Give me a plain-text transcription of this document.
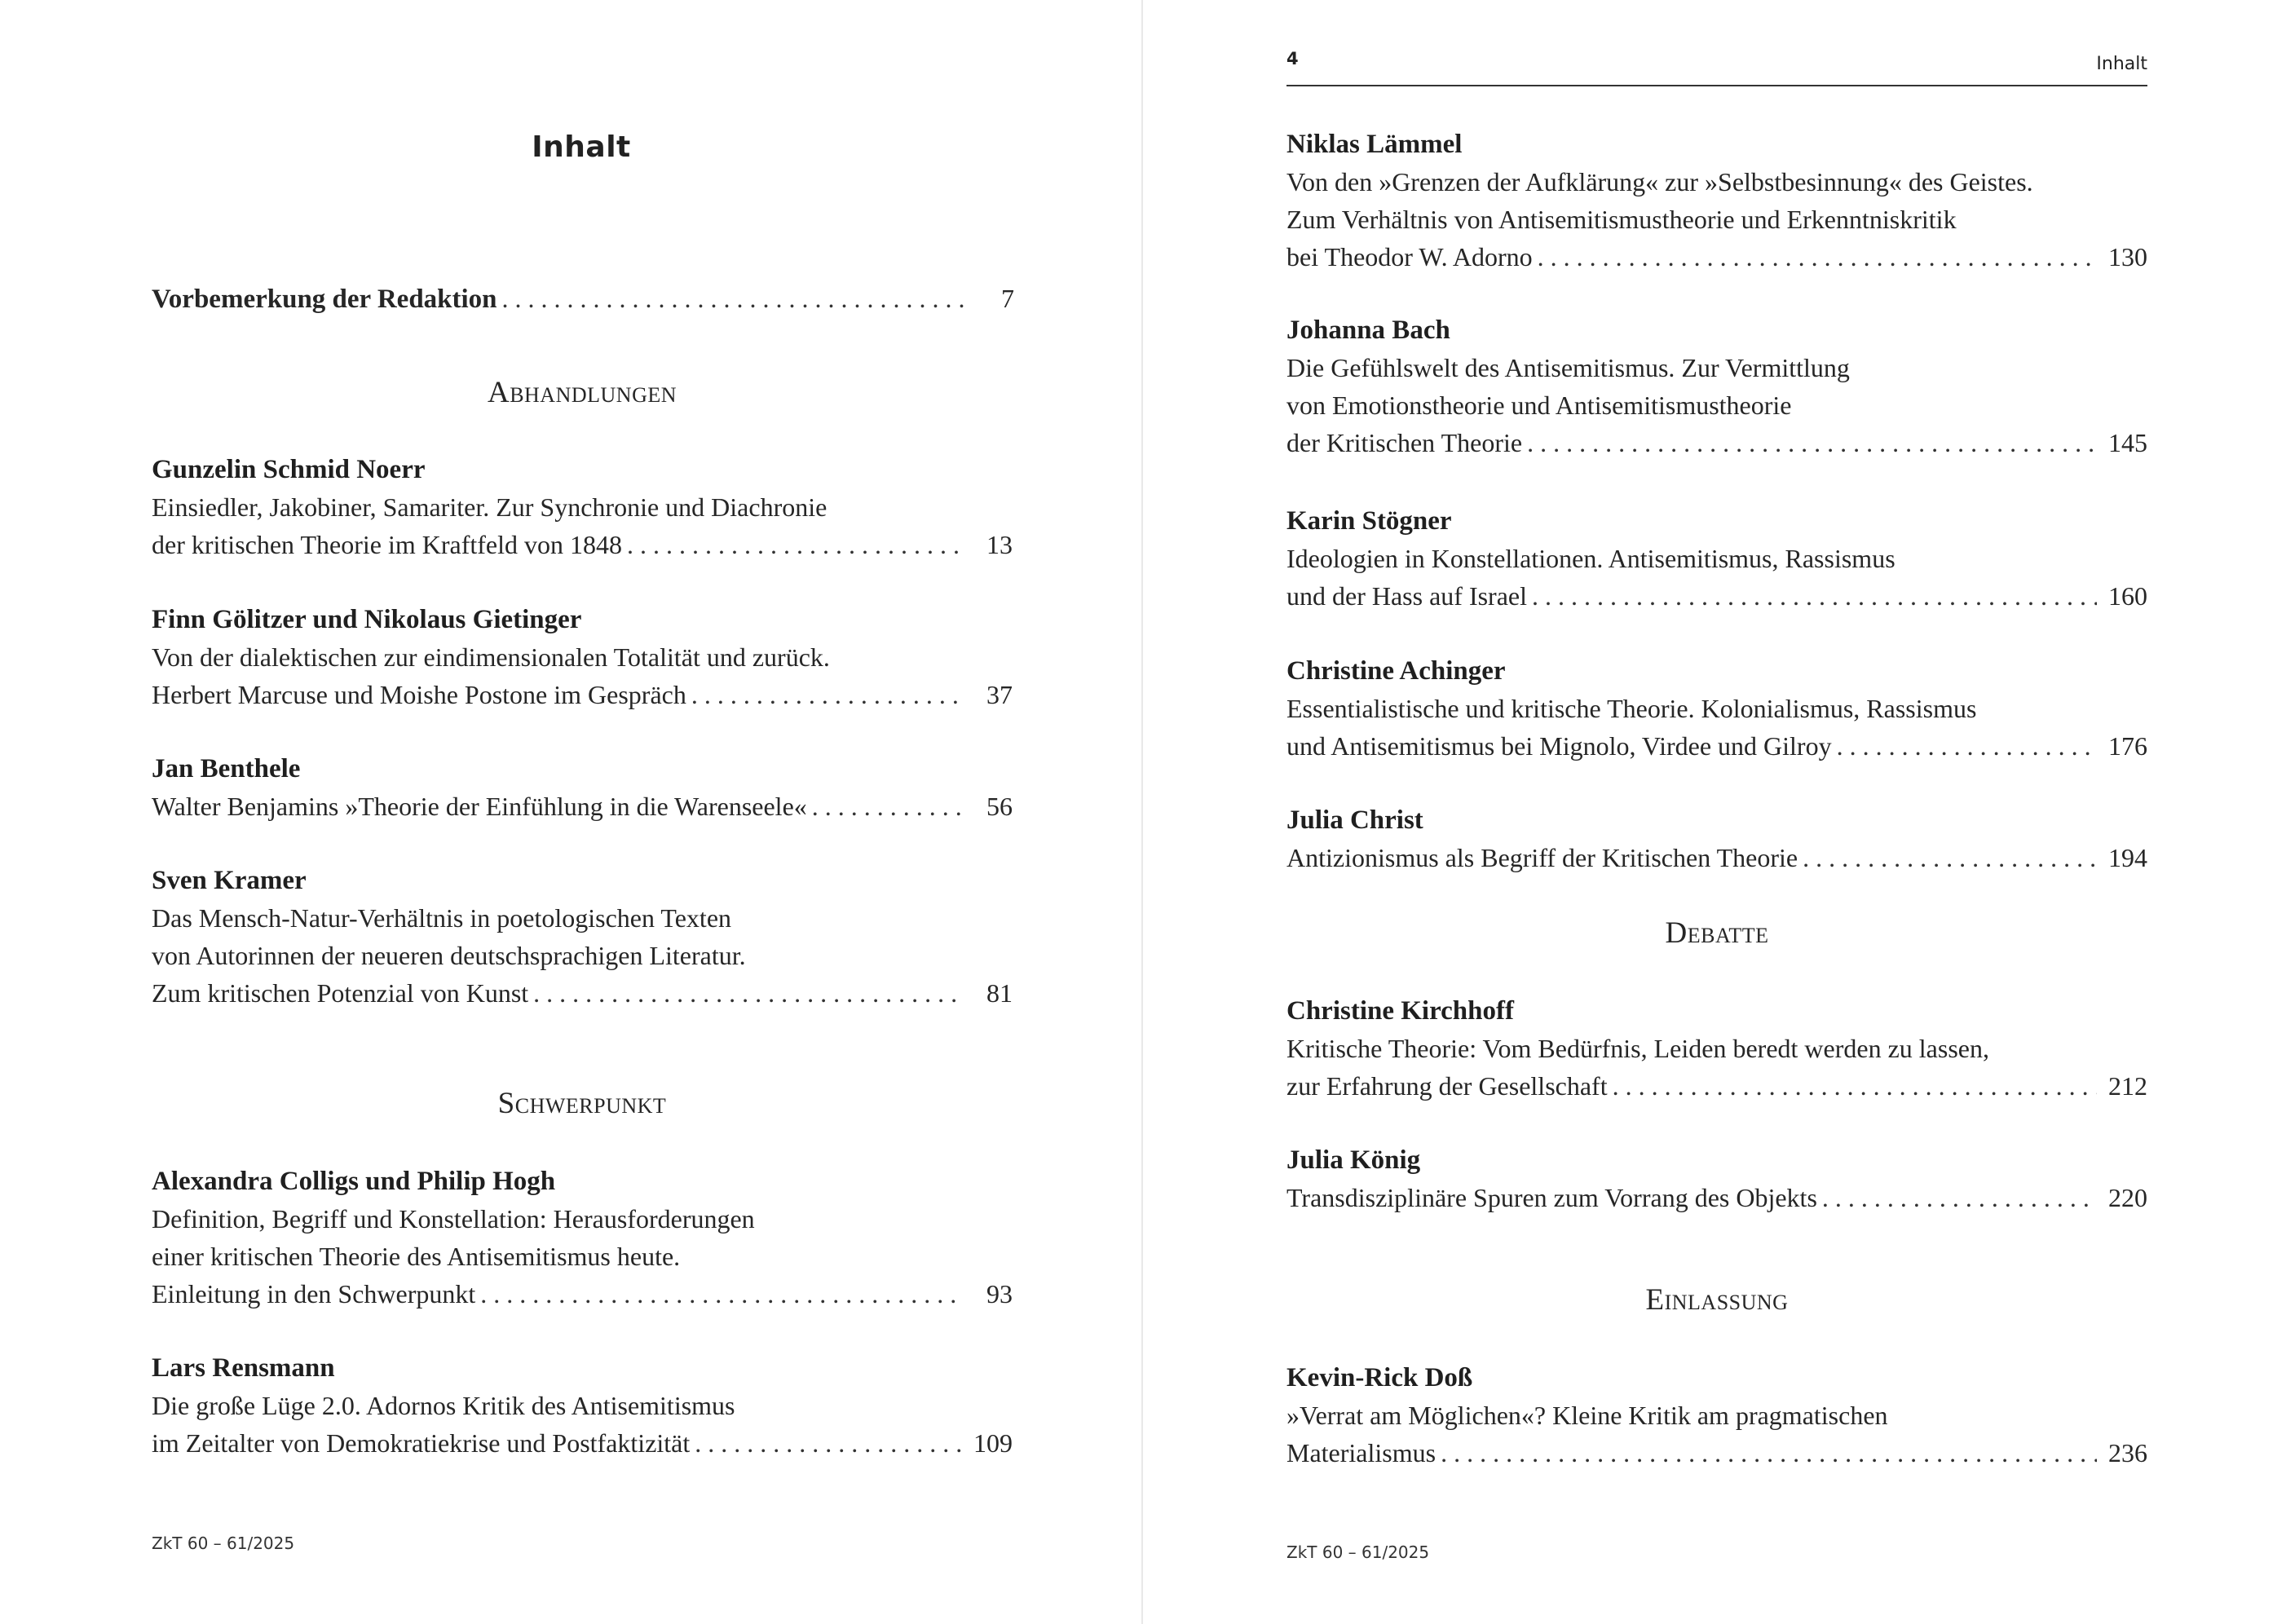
Inhalt
Vorbemerkung der Redaktion . . .	7
Abhandlungen
Gunzelin Schmid Noerr
Einsiedler, Jakobiner, Samariter. Zur Synchronie und Diachronie
der kritischen Theorie im Kraftfeld von 1848 . . .	13
Finn Gölitzer und Nikolaus Gietinger
Von der dialektischen zur eindimensionalen Totalität und zurück.
Herbert Marcuse und Moishe Postone im Gespräch . . .	37
Jan Benthele
Walter Benjamins »Theorie der Einfühlung in die Warenseele« . . .	56
Sven Kramer
Das Mensch-Natur-Verhältnis in poetologischen Texten
von Autorinnen der neueren deutschsprachigen Literatur.
Zum kritischen Potenzial von Kunst . . .	81
Schwerpunkt
Alexandra Colligs und Philip Hogh
Definition, Begriff und Konstellation: Herausforderungen
einer kritischen Theorie des Antisemitismus heute.
Einleitung in den Schwerpunkt . . .	93
Lars Rensmann
Die große Lüge 2.0. Adornos Kritik des Antisemitismus
im Zeitalter von Demokratiekrise und Postfaktizität . . .	109
ZkT 60 – 61/2025
4	Inhalt
Niklas Lämmel
Von den »Grenzen der Aufklärung« zur »Selbstbesinnung« des Geistes.
Zum Verhältnis von Antisemitismustheorie und Erkenntniskritik
bei Theodor W. Adorno . . .	130
Johanna Bach
Die Gefühlswelt des Antisemitismus. Zur Vermittlung
von Emotionstheorie und Antisemitismustheorie
der Kritischen Theorie . . .	145
Karin Stögner
Ideologien in Konstellationen. Antisemitismus, Rassismus
und der Hass auf Israel . . .	160
Christine Achinger
Essentialistische und kritische Theorie. Kolonialismus, Rassismus
und Antisemitismus bei Mignolo, Virdee und Gilroy . . .	176
Julia Christ
Antizionismus als Begriff der Kritischen Theorie . . .	194
Debatte
Christine Kirchhoff
Kritische Theorie: Vom Bedürfnis, Leiden beredt werden zu lassen,
zur Erfahrung der Gesellschaft . . .	212
Julia König
Transdisziplinäre Spuren zum Vorrang des Objekts . . .	220
Einlassung
Kevin-Rick Doß
»Verrat am Möglichen«? Kleine Kritik am pragmatischen
Materialismus . . .	236
ZkT 60 – 61/2025
